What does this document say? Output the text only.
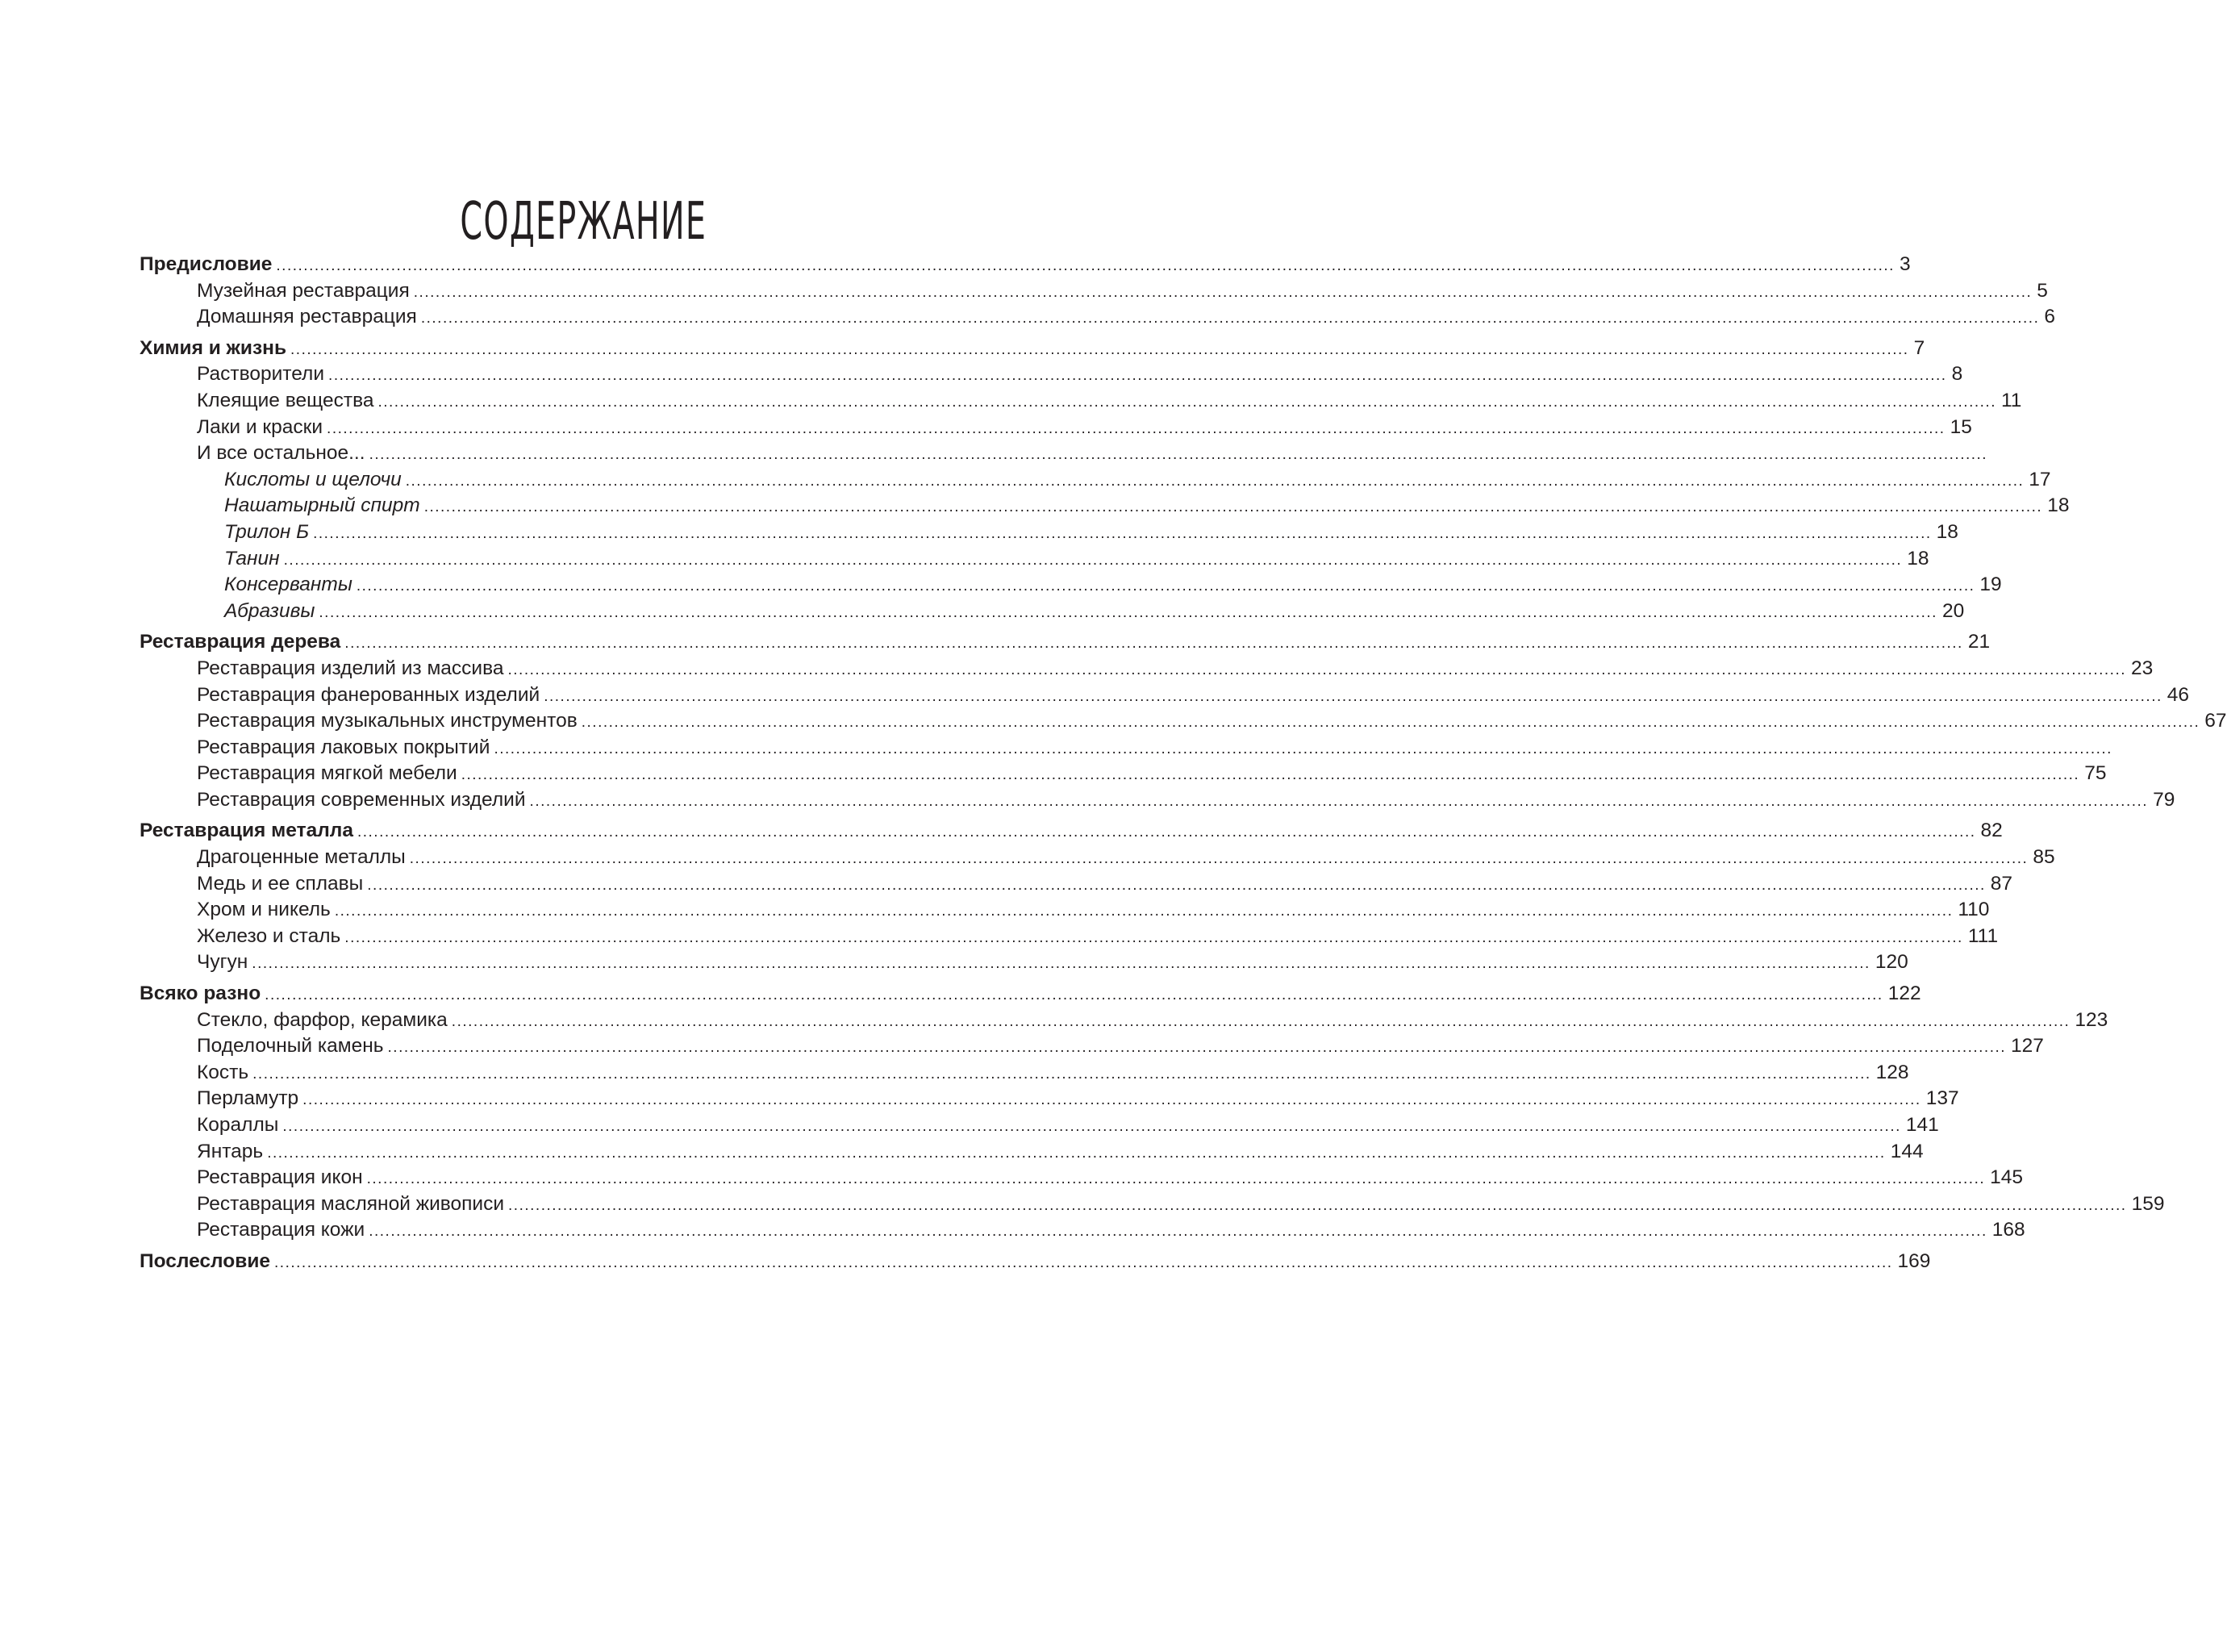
СОДЕРЖАНИЕ
Предисловие ........................................................................................................................................................................................................................................................................................................ 3
Музейная реставрация ........................................................................................................................................................................................................................................................................................................ 5
Домашняя реставрация ........................................................................................................................................................................................................................................................................................................ 6
Химия и жизнь ........................................................................................................................................................................................................................................................................................................ 7
Растворители ........................................................................................................................................................................................................................................................................................................ 8
Клеящие вещества ........................................................................................................................................................................................................................................................................................................ 11
Лаки и краски ........................................................................................................................................................................................................................................................................................................ 15
И все остальное... ........................................................................................................................................................................................................................................................................................................
Кислоты и щелочи ........................................................................................................................................................................................................................................................................................................ 17
Нашатырный спирт ........................................................................................................................................................................................................................................................................................................ 18
Трилон Б ........................................................................................................................................................................................................................................................................................................ 18
Танин ........................................................................................................................................................................................................................................................................................................ 18
Консерванты ........................................................................................................................................................................................................................................................................................................ 19
Абразивы ........................................................................................................................................................................................................................................................................................................ 20
Реставрация дерева ........................................................................................................................................................................................................................................................................................................ 21
Реставрация изделий из массива ........................................................................................................................................................................................................................................................................................................ 23
Реставрация фанерованных изделий ........................................................................................................................................................................................................................................................................................................ 46
Реставрация музыкальных инструментов ........................................................................................................................................................................................................................................................................................................ 67
Реставрация лаковых покрытий ........................................................................................................................................................................................................................................................................................................
Реставрация мягкой мебели ........................................................................................................................................................................................................................................................................................................ 75
Реставрация современных изделий ........................................................................................................................................................................................................................................................................................................ 79
Реставрация металла ........................................................................................................................................................................................................................................................................................................ 82
Драгоценные металлы ........................................................................................................................................................................................................................................................................................................ 85
Медь и ее сплавы ........................................................................................................................................................................................................................................................................................................ 87
Хром и никель ........................................................................................................................................................................................................................................................................................................ 110
Железо и сталь ........................................................................................................................................................................................................................................................................................................ 111
Чугун ........................................................................................................................................................................................................................................................................................................ 120
Всяко разно ........................................................................................................................................................................................................................................................................................................ 122
Стекло, фарфор, керамика ........................................................................................................................................................................................................................................................................................................ 123
Поделочный камень ........................................................................................................................................................................................................................................................................................................ 127
Кость ........................................................................................................................................................................................................................................................................................................ 128
Перламутр ........................................................................................................................................................................................................................................................................................................ 137
Кораллы ........................................................................................................................................................................................................................................................................................................ 141
Янтарь ........................................................................................................................................................................................................................................................................................................ 144
Реставрация икон ........................................................................................................................................................................................................................................................................................................ 145
Реставрация масляной живописи ........................................................................................................................................................................................................................................................................................................ 159
Реставрация кожи ........................................................................................................................................................................................................................................................................................................ 168
Послесловие ........................................................................................................................................................................................................................................................................................................ 169
